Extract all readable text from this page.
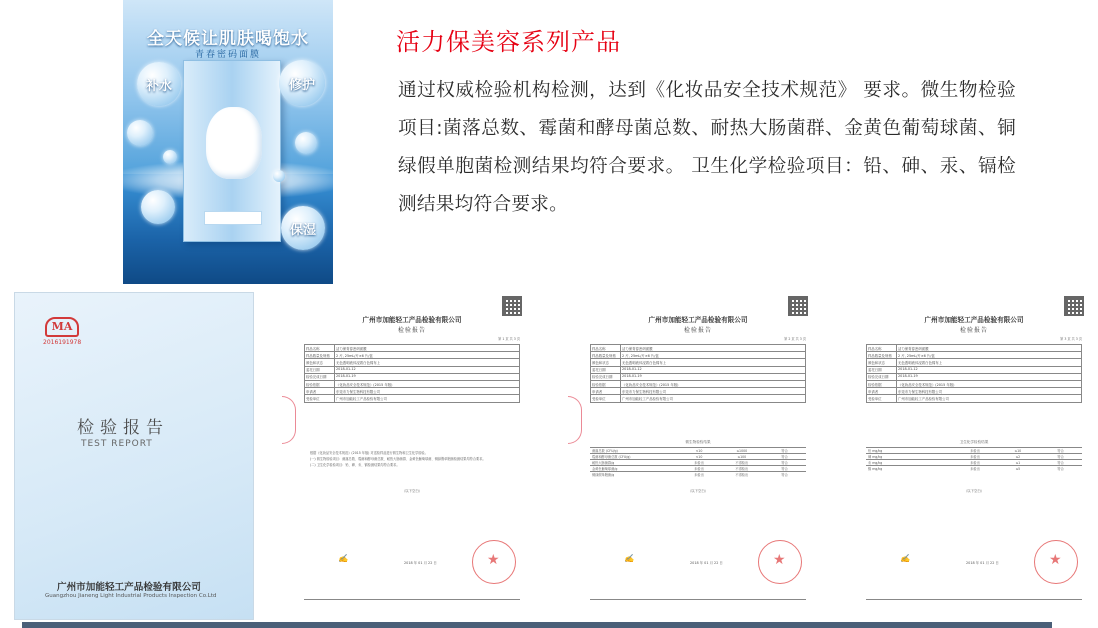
全天候让肌肤喝饱水
青春密码面膜
补水	修护
保湿
活力保美容系列产品
通过权威检验机构检测，达到《化妆品安全技术规范》 要求。微生物检验项目:菌落总数、霉菌和酵母菌总数、耐热大肠菌群、金黄色葡萄球菌、铜绿假单胞菌检测结果均符合要求。 卫生化学检验项目：铅、砷、汞、镉检测结果均符合要求。
MA
2016191978
检验报告
TEST REPORT
广州市加能轻工产品检验有限公司
Guangzhou Jianeng Light Industrial Products Inspection Co.Ltd
广州市加能轻工产品检验有限公司
检验报告
第 1 页 共 3 页
样品名称	活力保青春密码面膜
样品数量及规格	2 片, 25mL/片×6 片/盒
颜色和状态	无色透明液体浸着白色棉布上
委托日期	2018-01-12
检验完成日期	2018-01-19
检验依据	《化妆品安全技术规范》(2015 年版)
申请者	东莞市力保生物科技有限公司
受检单位	广州市加能轻工产品检验有限公司
根据《化妆品安全技术规范》(2015 年版) 对送检样品进行微生物和卫生化学检验。
(一) 微生物检验项目：菌落总数、霉菌和酵母菌总数、耐热大肠菌群、金黄色葡萄球菌、铜绿假单胞菌检测结果均符合要求。
(二) 卫生化学检验项目：铅、砷、汞、镉检测结果均符合要求。
（以下空白）
✍	2018 年 01 月 22 日
★
广州市加能轻工产品检验有限公司
检验报告
第 2 页 共 3 页
样品名称	活力保青春密码面膜
样品数量及规格	2 片, 25mL/片×6 片/盒
颜色和状态	无色透明液体浸着白色棉布上
委托日期	2018-01-12
检验完成日期	2018-01-19
检验依据	《化妆品安全技术规范》(2015 年版)
申请者	东莞市力保生物科技有限公司
受检单位	广州市加能轻工产品检验有限公司
微生物检验结果
菌落总数 (CFU/g)	<10	≤1000	符合
霉菌和酵母菌总数 (CFU/g)	<10	≤100	符合
耐热大肠菌群/g	未检出	不得检出	符合
金黄色葡萄球菌/g	未检出	不得检出	符合
铜绿假单胞菌/g	未检出	不得检出	符合
（以下空白）
✍	2018 年 01 月 22 日
★
广州市加能轻工产品检验有限公司
检验报告
第 3 页 共 3 页
样品名称	活力保青春密码面膜
样品数量及规格	2 片, 25mL/片×6 片/盒
颜色和状态	无色透明液体浸着白色棉布上
委托日期	2018-01-12
检验完成日期	2018-01-19
检验依据	《化妆品安全技术规范》(2015 年版)
申请者	东莞市力保生物科技有限公司
受检单位	广州市加能轻工产品检验有限公司
卫生化学检验结果
铅 mg/kg	未检出	≤10	符合
砷 mg/kg	未检出	≤2	符合
汞 mg/kg	未检出	≤1	符合
镉 mg/kg	未检出	≤5	符合
（以下空白）
✍	2018 年 01 月 22 日
★
